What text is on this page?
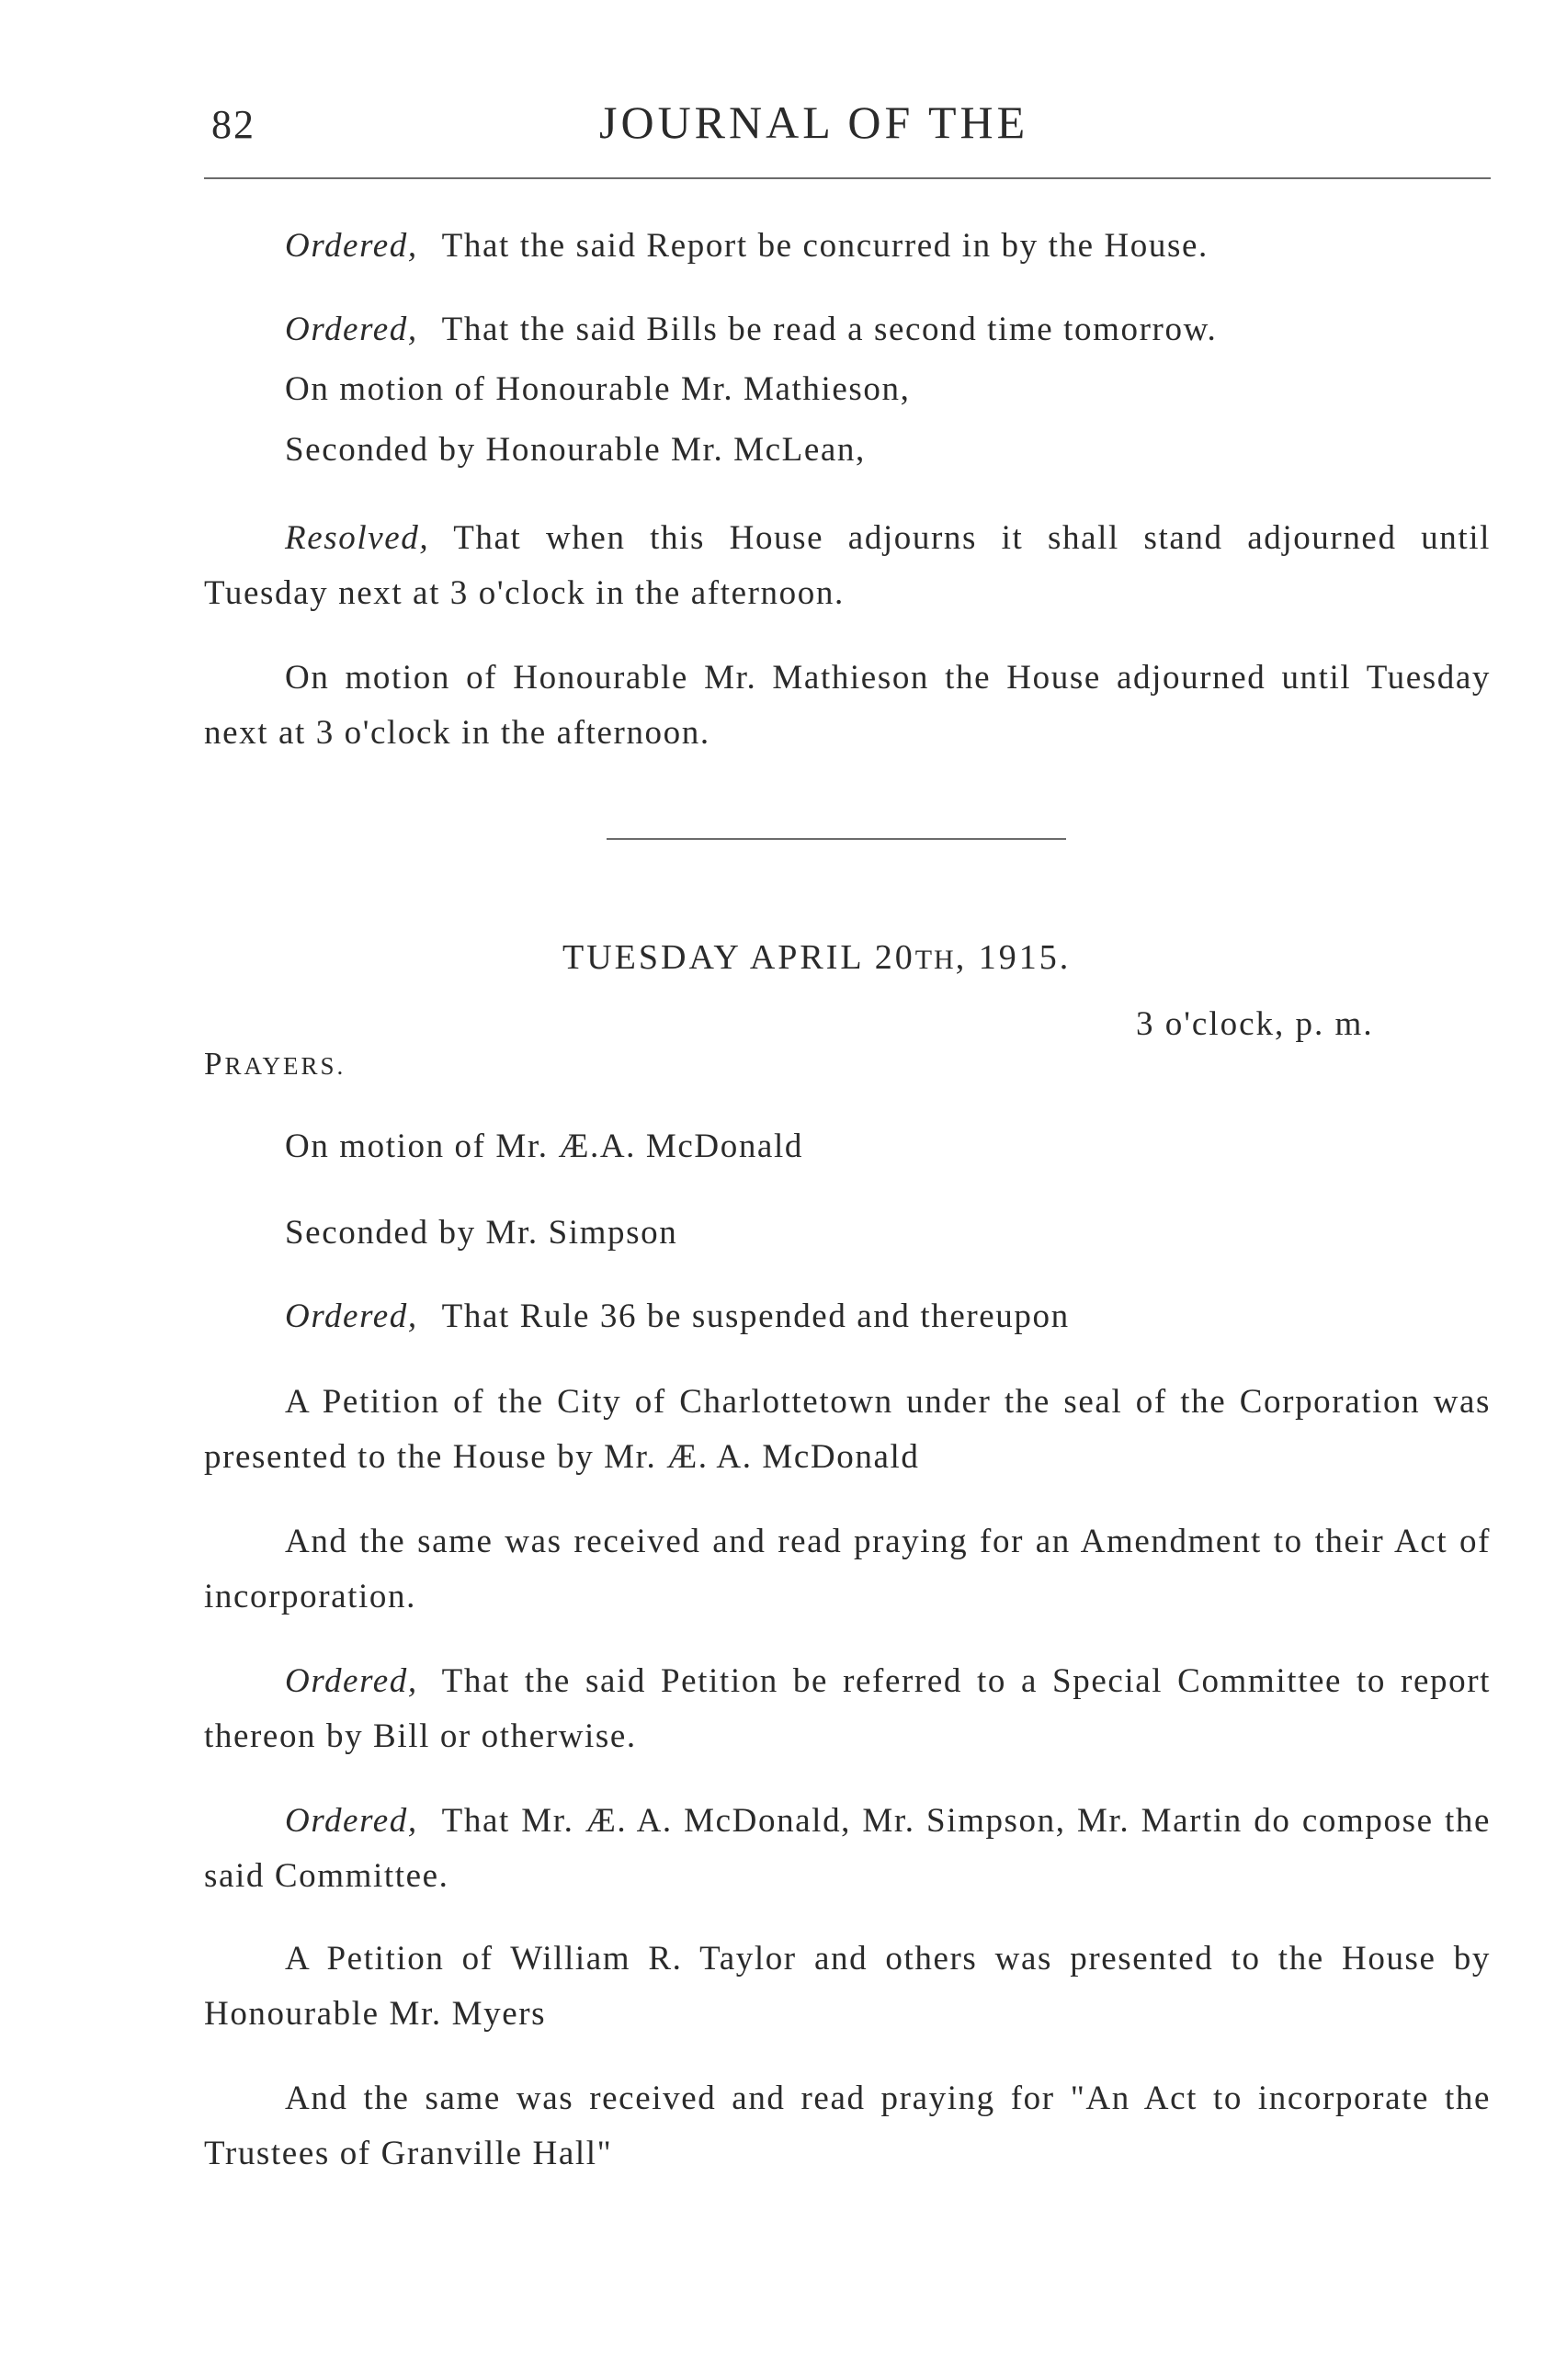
82	JOURNAL OF THE
Ordered, That the said Report be concurred in by the House.
Ordered, That the said Bills be read a second time tomorrow.
On motion of Honourable Mr. Mathieson,
Seconded by Honourable Mr. McLean,
Resolved, That when this House adjourns it shall stand adjourned until Tuesday next at 3 o'clock in the afternoon.
On motion of Honourable Mr. Mathieson the House adjourned until Tuesday next at 3 o'clock in the afternoon.
TUESDAY APRIL 20TH, 1915.
3 o'clock, p. m.
PRAYERS.
On motion of Mr. Æ.A. McDonald
Seconded by Mr. Simpson
Ordered, That Rule 36 be suspended and thereupon
A Petition of the City of Charlottetown under the seal of the Corporation was presented to the House by Mr. Æ. A. McDonald
And the same was received and read praying for an Amendment to their Act of incorporation.
Ordered, That the said Petition be referred to a Special Committee to report thereon by Bill or otherwise.
Ordered, That Mr. Æ. A. McDonald, Mr. Simpson, Mr. Martin do compose the said Committee.
A Petition of William R. Taylor and others was presented to the House by Honourable Mr. Myers
And the same was received and read praying for "An Act to incorporate the Trustees of Granville Hall"
